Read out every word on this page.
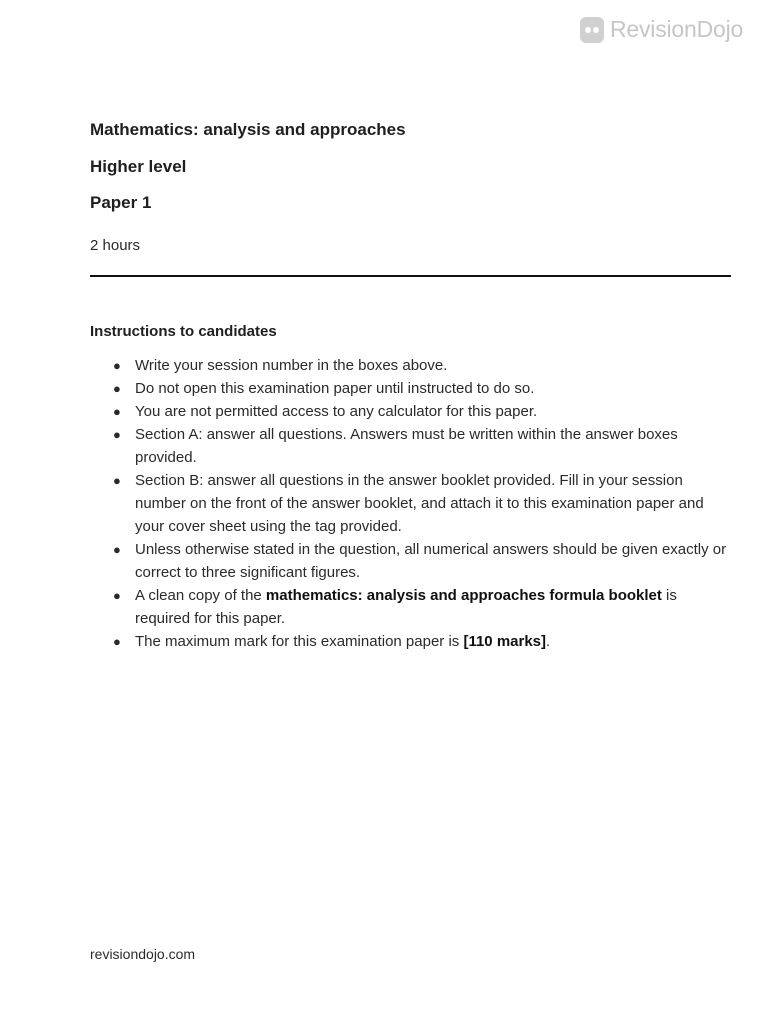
RevisionDojo
Mathematics: analysis and approaches
Higher level
Paper 1
2 hours
Instructions to candidates
● Write your session number in the boxes above.
● Do not open this examination paper until instructed to do so.
● You are not permitted access to any calculator for this paper.
● Section A: answer all questions. Answers must be written within the answer boxes provided.
● Section B: answer all questions in the answer booklet provided. Fill in your session number on the front of the answer booklet, and attach it to this examination paper and your cover sheet using the tag provided.
● Unless otherwise stated in the question, all numerical answers should be given exactly or correct to three significant figures.
● A clean copy of the mathematics: analysis and approaches formula booklet is required for this paper.
● The maximum mark for this examination paper is [110 marks].
revisiondojo.com
